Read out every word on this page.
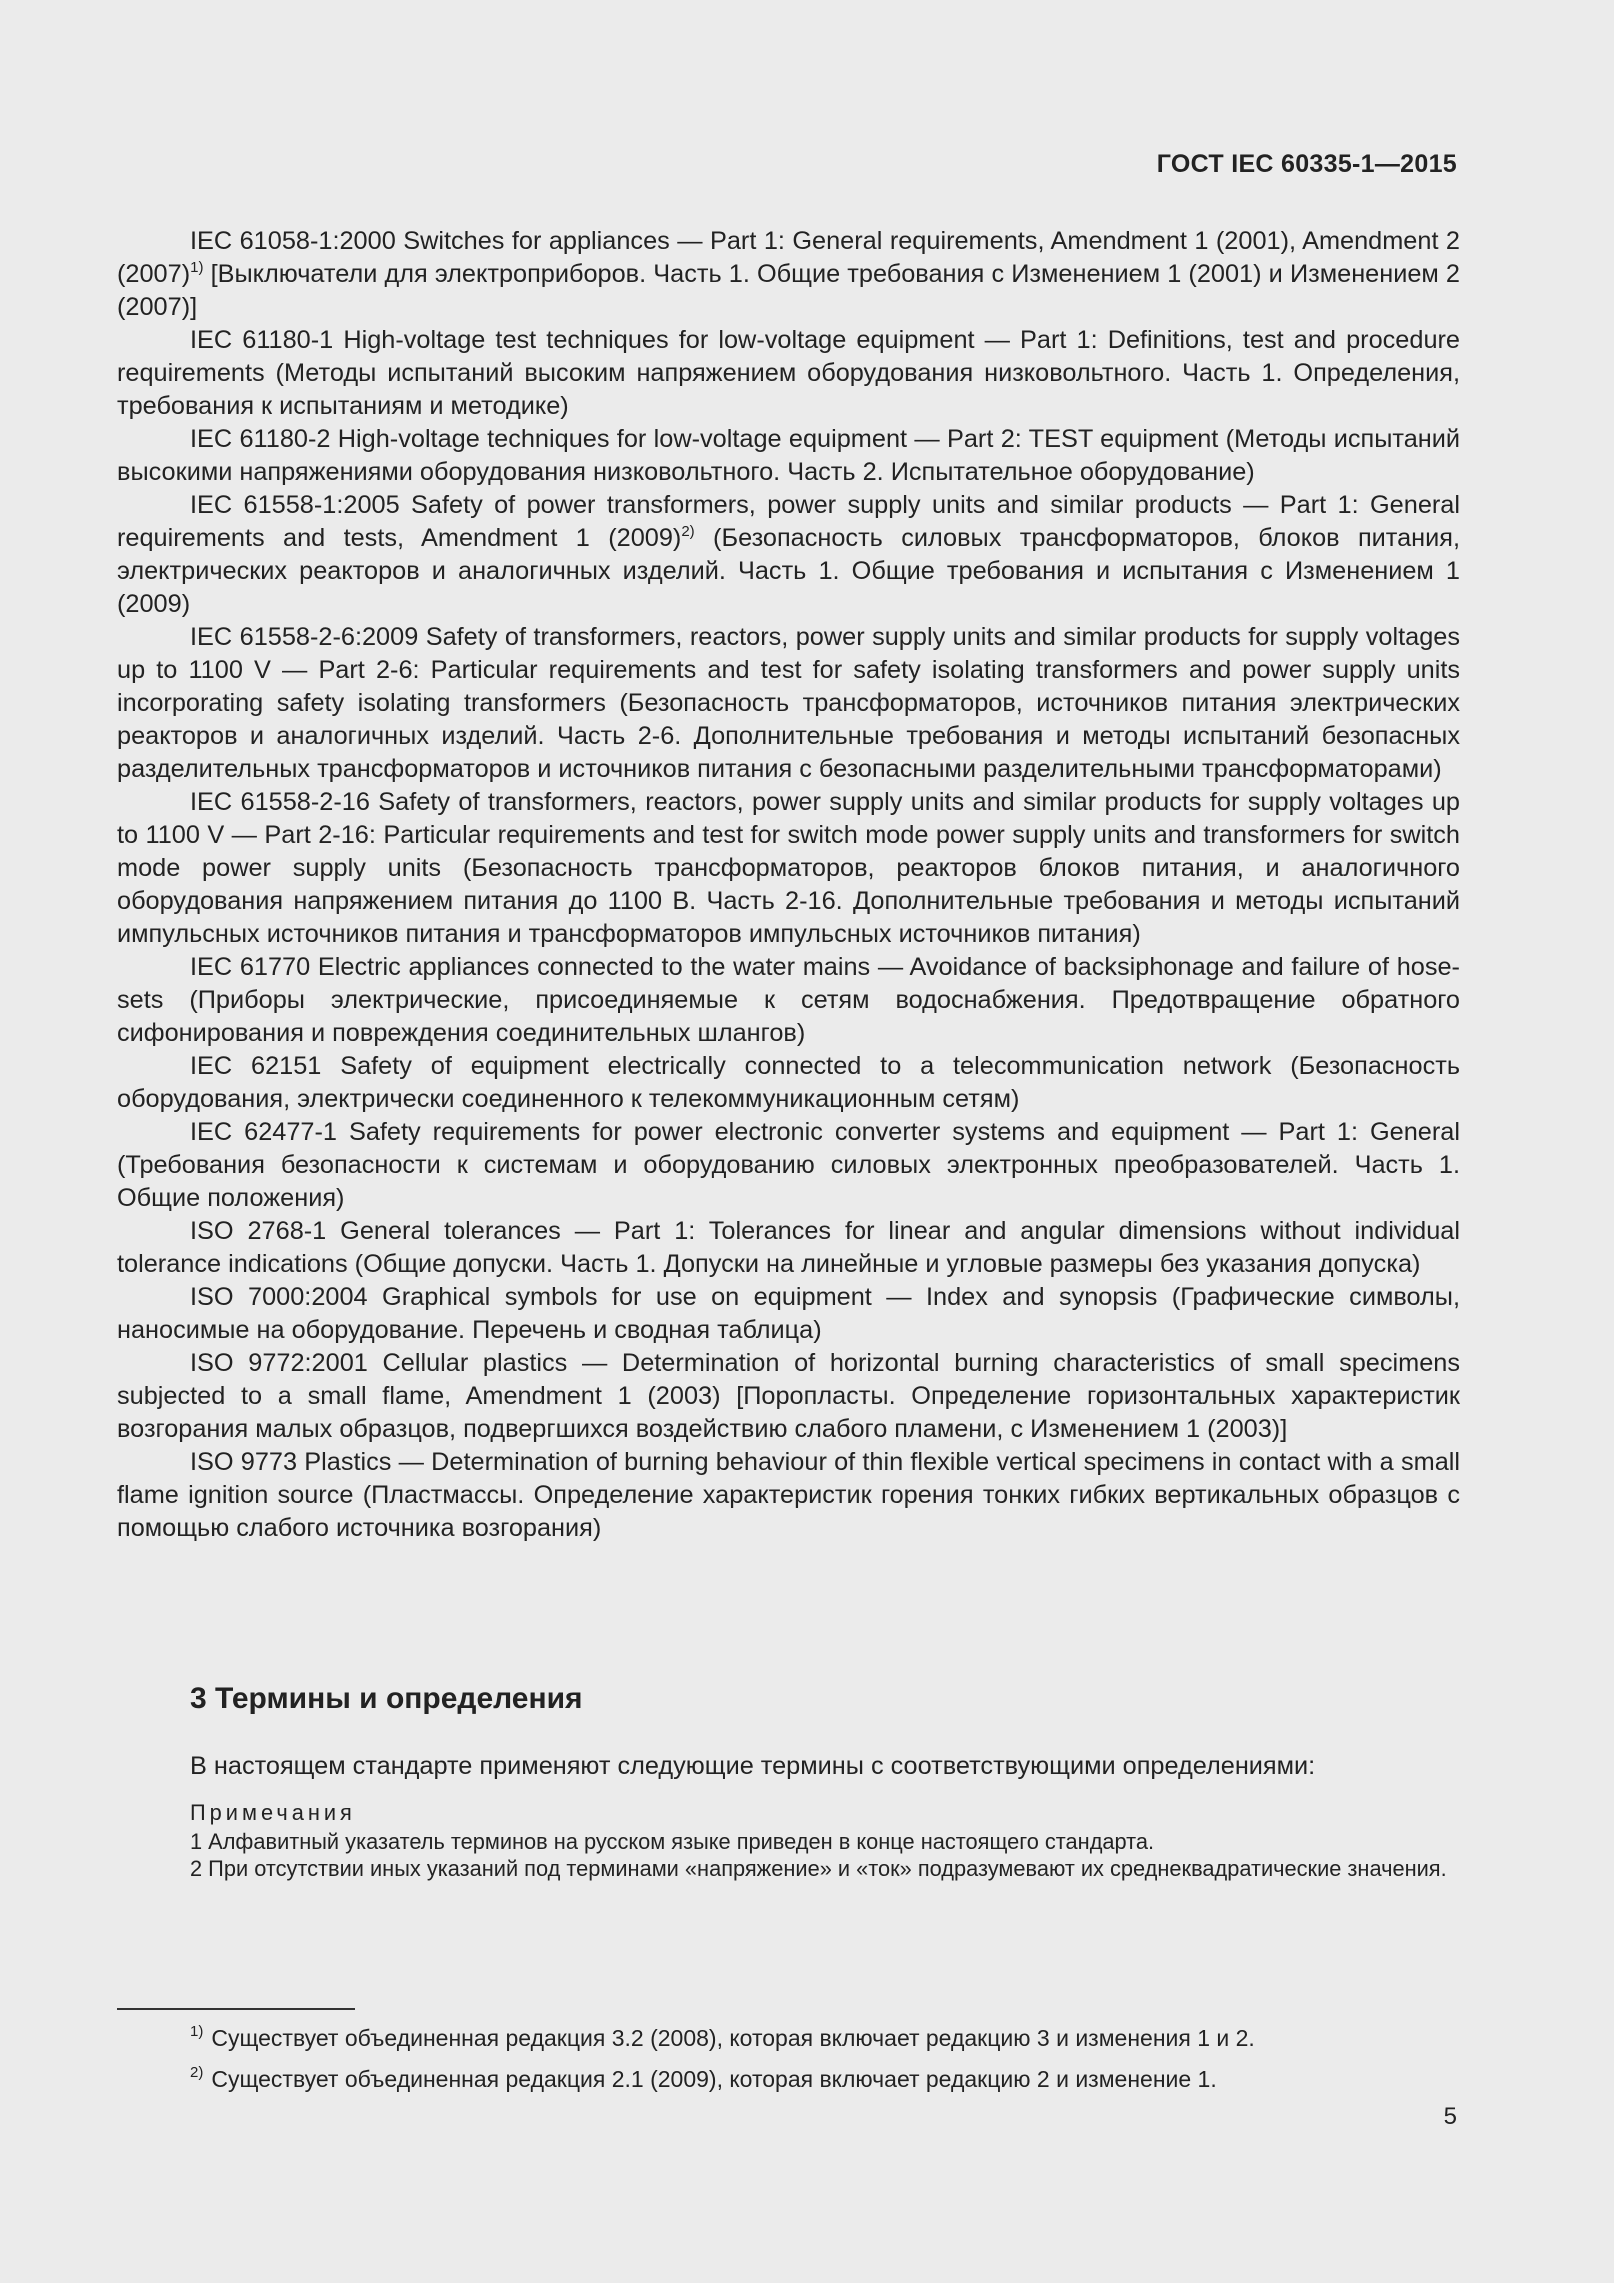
ГОСТ IEC 60335-1—2015

IEC 61058-1:2000 Switches for appliances — Part 1: General requirements, Amendment 1 (2001), Amendment 2 $(2007)^{1)}$ [Выключатели для электроприборов. Часть 1. Общие требования с Изменением 1 (2001) и Изменением 2 (2007)]

IEC 61180-1 High-voltage test techniques for low-voltage equipment — Part 1: Definitions, test and procedure requirements (Методы испытаний высоким напряжением оборудования низковольтного. Часть 1. Определения, требования к испытаниям и методике)

IEC 61180-2 High-voltage techniques for low-voltage equipment — Part 2: TEST equipment (Методы испытаний высокими напряжениями оборудования низковольтного. Часть 2. Испытательное оборудование)

IEC 61558-1:2005 Safety of power transformers, power supply units and similar products — Part 1: General requirements and tests, Amendment 1 $(2009)^{2)}$ (Безопасность силовых трансформаторов, блоков питания, электрических реакторов и аналогичных изделий. Часть 1. Общие требования и испытания с Изменением 1 (2009)

IEC 61558-2-6:2009 Safety of transformers, reactors, power supply units and similar products for supply voltages up to 1100 V — Part 2-6: Particular requirements and test for safety isolating transformers and power supply units incorporating safety isolating transformers (Безопасность трансформаторов, источников питания электрических реакторов и аналогичных изделий. Часть 2-6. Дополнительные требования и методы испытаний безопасных разделительных трансформаторов и источников питания с безопасными разделительными трансформаторами)

IEC 61558-2-16 Safety of transformers, reactors, power supply units and similar products for supply voltages up to 1100 V — Part 2-16: Particular requirements and test for switch mode power supply units and transformers for switch mode power supply units (Безопасность трансформаторов, реакторов блоков питания, и аналогичного оборудования напряжением питания до 1100 В. Часть 2-16. Дополнительные требования и методы испытаний импульсных источников питания и трансформаторов импульсных источников питания)

IEC 61770 Electric appliances connected to the water mains — Avoidance of backsiphonage and failure of hose-sets (Приборы электрические, присоединяемые к сетям водоснабжения. Предотвращение обратного сифонирования и повреждения соединительных шлангов)

IEC 62151 Safety of equipment electrically connected to a telecommunication network (Безопасность оборудования, электрически соединенного к телекоммуникационным сетям)

IEC 62477-1 Safety requirements for power electronic converter systems and equipment — Part 1: General (Требования безопасности к системам и оборудованию силовых электронных преобразователей. Часть 1. Общие положения)

ISO 2768-1 General tolerances — Part 1: Tolerances for linear and angular dimensions without individual tolerance indications (Общие допуски. Часть 1. Допуски на линейные и угловые размеры без указания допуска)

ISO 7000:2004 Graphical symbols for use on equipment — Index and synopsis (Графические символы, наносимые на оборудование. Перечень и сводная таблица)

ISO 9772:2001 Cellular plastics — Determination of horizontal burning characteristics of small specimens subjected to a small flame, Amendment 1 (2003) [Поропласты. Определение горизонтальных характеристик возгорания малых образцов, подвергшихся воздействию слабого пламени, с Изменением 1 (2003)]

ISO 9773 Plastics — Determination of burning behaviour of thin flexible vertical specimens in contact with a small flame ignition source (Пластмассы. Определение характеристик горения тонких гибких вертикальных образцов с помощью слабого источника возгорания)

3 Термины и определения

В настоящем стандарте применяют следующие термины с соответствующими определениями:

Примечания

1 Алфавитный указатель терминов на русском языке приведен в конце настоящего стандарта.

2 При отсутствии иных указаний под терминами «напряжение» и «ток» подразумевают их среднеквадратические значения.

$^{1)}$ Существует объединенная редакция 3.2 (2008), которая включает редакцию 3 и изменения 1 и 2.

$^{2)}$ Существует объединенная редакция 2.1 (2009), которая включает редакцию 2 и изменение 1.

5
